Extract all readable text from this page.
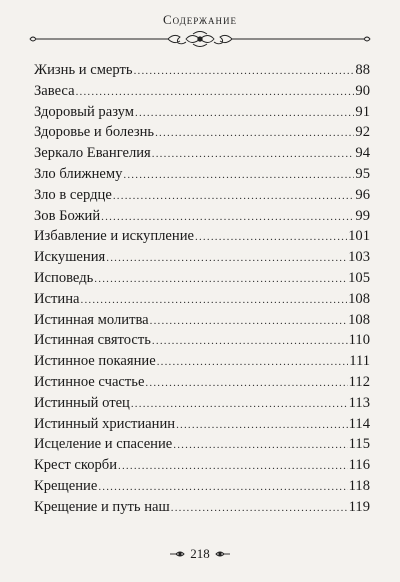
Содержание
Жизнь и смерть .....	88
Завеса .....	90
Здоровый разум .....	91
Здоровье и болезнь .....	92
Зеркало Евангелия .....	94
Зло ближнему .....	95
Зло в сердце .....	96
Зов Божий .....	99
Избавление и искупление .....	101
Искушения .....	103
Исповедь .....	105
Истина .....	108
Истинная молитва .....	108
Истинная святость .....	110
Истинное покаяние .....	111
Истинное счастье .....	112
Истинный отец .....	113
Истинный христианин .....	114
Исцеление и спасение .....	115
Крест скорби .....	116
Крещение .....	118
Крещение и путь наш .....	119
218
